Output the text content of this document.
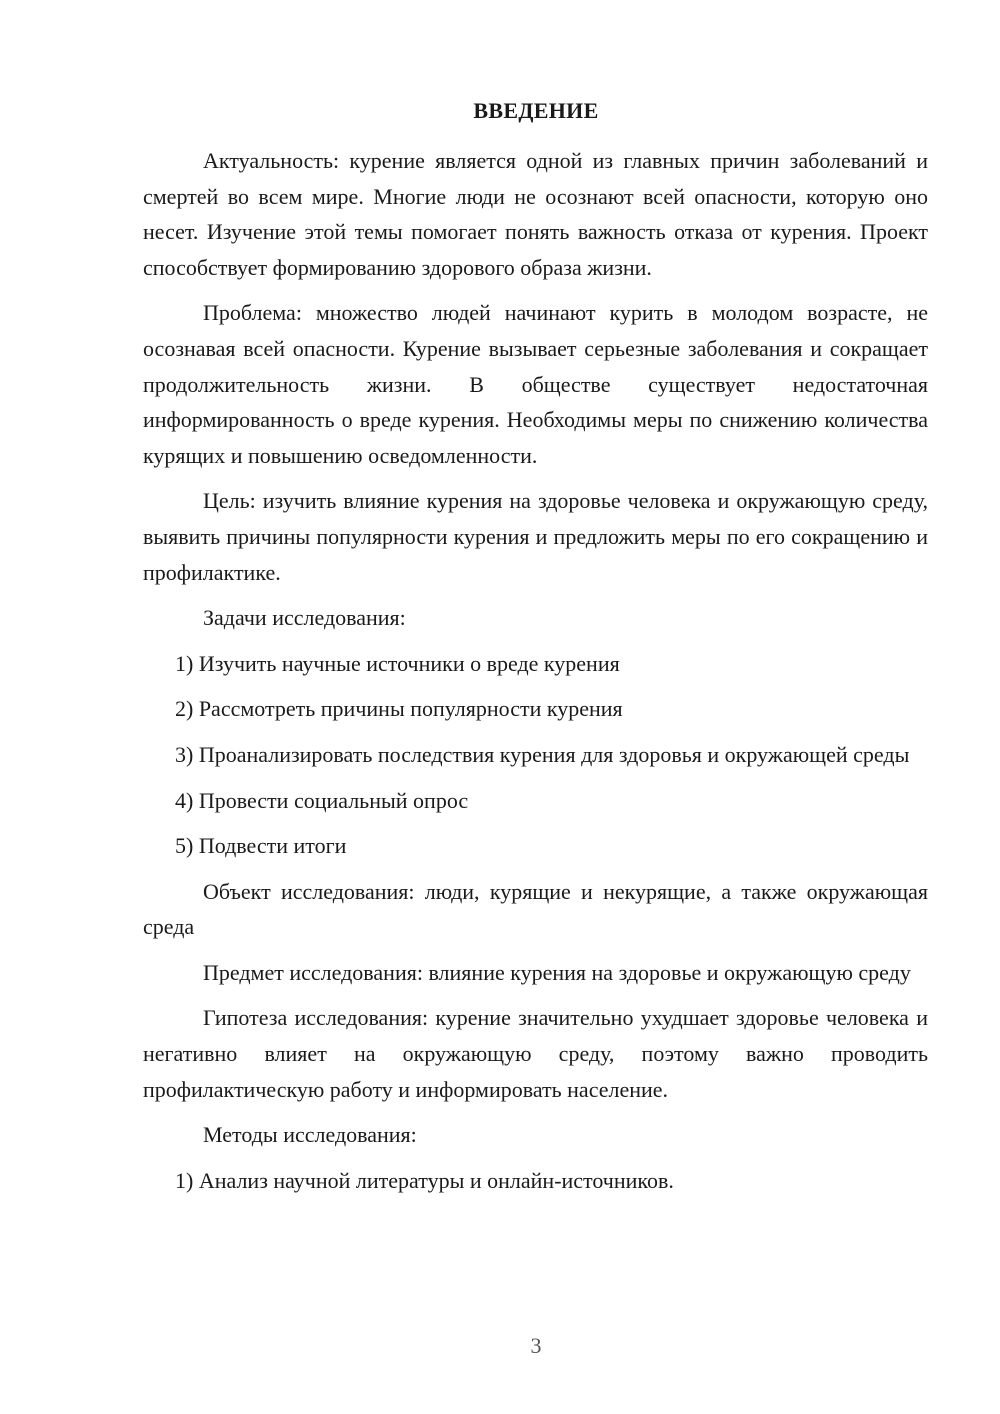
ВВЕДЕНИЕ

Актуальность: курение является одной из главных причин заболеваний и смертей во всем мире. Многие люди не осознают всей опасности, которую оно несет. Изучение этой темы помогает понять важность отказа от курения. Проект способствует формированию здорового образа жизни.

Проблема: множество людей начинают курить в молодом возрасте, не осознавая всей опасности. Курение вызывает серьезные заболевания и сокращает продолжительность жизни. В обществе существует недостаточная информированность о вреде курения. Необходимы меры по снижению количества курящих и повышению осведомленности.

Цель: изучить влияние курения на здоровье человека и окружающую среду, выявить причины популярности курения и предложить меры по его сокращению и профилактике.

Задачи исследования:

1) Изучить научные источники о вреде курения

2) Рассмотреть причины популярности курения

3) Проанализировать последствия курения для здоровья и окружающей среды

4) Провести социальный опрос

5) Подвести итоги

Объект исследования: люди, курящие и некурящие, а также окружающая среда

Предмет исследования: влияние курения на здоровье и окружающую среду

Гипотеза исследования: курение значительно ухудшает здоровье человека и негативно влияет на окружающую среду, поэтому важно проводить профилактическую работу и информировать население.

Методы исследования:

1) Анализ научной литературы и онлайн-источников.

3
